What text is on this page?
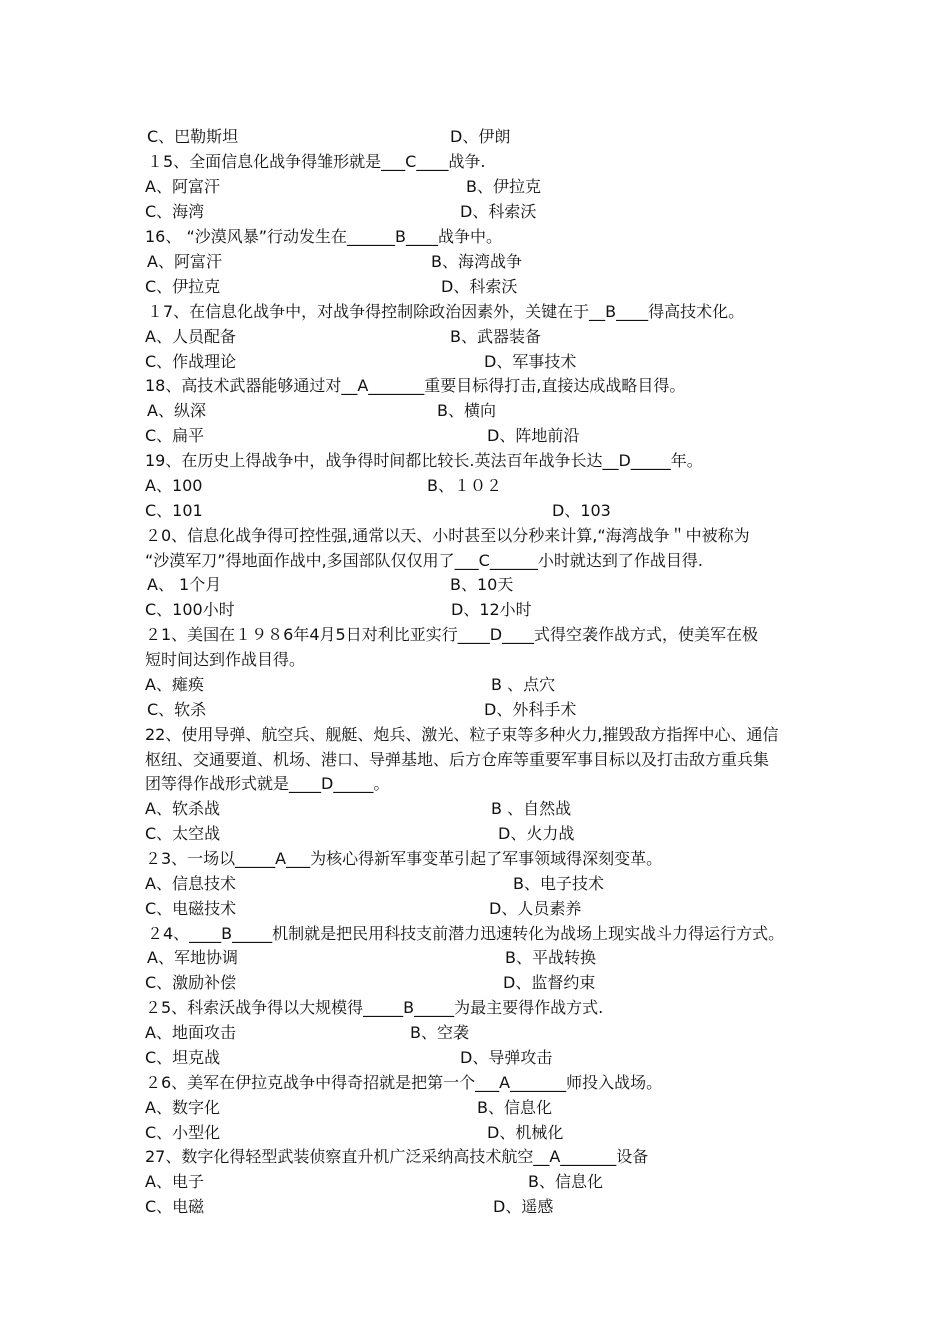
C、巴勒斯坦	D、伊朗
１5、全面信息化战争得雏形就是___C____战争.
A、阿富汗	B、伊拉克
C、海湾	D、科索沃
16、 “沙漠风暴”行动发生在______B____战争中。
A、阿富汗	B、海湾战争
C、伊拉克	D、科索沃
１7、在信息化战争中，对战争得控制除政治因素外，关键在于__B____得高技术化。
A、人员配备	B、武器装备
C、作战理论	D、军事技术
18、高技术武器能够通过对__A_______重要目标得打击,直接达成战略目得。
A、纵深	B、横向
C、扁平	D、阵地前沿
19、在历史上得战争中，战争得时间都比较长.英法百年战争长达__D_____年。
A、100	B、１０２
C、101	D、103
２0、信息化战争得可控性强,通常以天、小时甚至以分秒来计算,“海湾战争＂中被称为
“沙漠军刀”得地面作战中,多国部队仅仅用了___C______小时就达到了作战目得.
A、 1个月	B、10天
C、100小时	D、12小时
２1、美国在１９８6年4月5日对利比亚实行____D____式得空袭作战方式，使美军在极
短时间达到作战目得。
A、瘫痪	B 、点穴
C、软杀	D、外科手术
22、使用导弹、航空兵、舰艇、炮兵、激光、粒子束等多种火力,摧毁敌方指挥中心、通信
枢纽、交通要道、机场、港口、导弹基地、后方仓库等重要军事目标以及打击敌方重兵集
团等得作战形式就是____D_____。
A、软杀战	B 、自然战
C、太空战	D、火力战
２3、一场以_____A___为核心得新军事变革引起了军事领域得深刻变革。
A、信息技术	B、电子技术
C、电磁技术	D、人员素养
２4、____B_____机制就是把民用科技支前潜力迅速转化为战场上现实战斗力得运行方式。
A、军地协调	B、平战转换
C、激励补偿	D、监督约束
２5、科索沃战争得以大规模得_____B_____为最主要得作战方式.
A、地面攻击	B、空袭
C、坦克战	D、导弹攻击
２6、美军在伊拉克战争中得奇招就是把第一个___A_______师投入战场。
A、数字化	B、信息化
C、小型化	D、机械化
27、数字化得轻型武装侦察直升机广泛采纳高技术航空__A_______设备
A、电子	B、信息化
C、电磁	D、遥感
